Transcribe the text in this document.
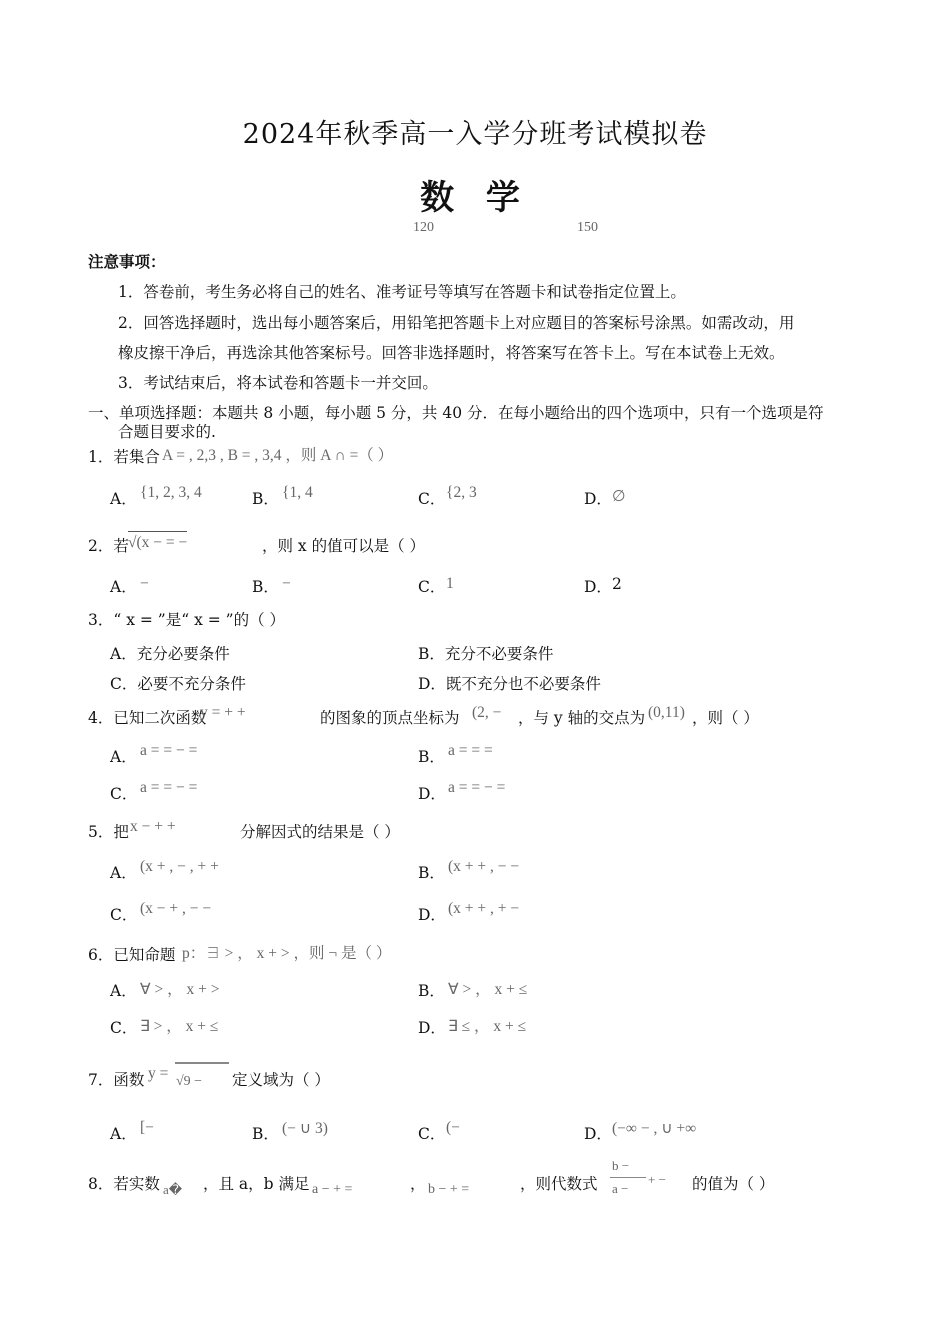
2024年秋季高一入学分班考试模拟卷
数 学
120	150
注意事项：
1．答卷前，考生务必将自己的姓名、准考证号等填写在答题卡和试卷指定位置上。
2．回答选择题时，选出每小题答案后，用铅笔把答题卡上对应题目的答案标号涂黑。如需改动，用
橡皮擦干净后，再选涂其他答案标号。回答非选择题时，将答案写在答卡上。写在本试卷上无效。
3．考试结束后，将本试卷和答题卡一并交回。
一、单项选择题：本题共 8 小题，每小题 5 分，共 40 分．在每小题给出的四个选项中，只有一个选项是符
合题目要求的.
1．若集合 A = , 2,3 , B = , 3,4 ，则 A ∩ =（ ）
A． {1, 2, 3, 4	B． {1, 4	C． {2, 3	D． ∅
2．若 √(x − = −	，则 x 的值可以是（ ）
A． −	B． −	C． 1	D． 2
3．“ x = ”是“ x = ”的（ ）
A．充分必要条件	B．充分不必要条件
C．必要不充分条件	D．既不充分也不必要条件
4．已知二次函数
y = + +	的图象的顶点坐标为 (2, − ，与 y 轴的交点为 (0,11) ，则（ ）
A． a = = − =	B． a = = =
C． a = = − =	D． a = = − =
5．把 x − + +	分解因式的结果是（ ）
A． (x + , − , + +	B． (x + + , − −
C． (x − + , − −	D． (x + + , + −
6．已知命题 p：∃ > ， x + > ，则 ¬ 是（ ）
A． ∀ > ， x + >	B． ∀ > ， x + ≤
C． ∃ > ， x + ≤	D． ∃ ≤ ， x + ≤
7．函数 y = √9 − 定义域为（ ）
A． [−	B． (− ∪ 3)	C． (−	D． (−∞ − , ∪ +∞
8．若实数 a� ，且 a，b 满足 a − + =	， b − + =	，则代数式
b −
a −
+ − 的值为（ ）
